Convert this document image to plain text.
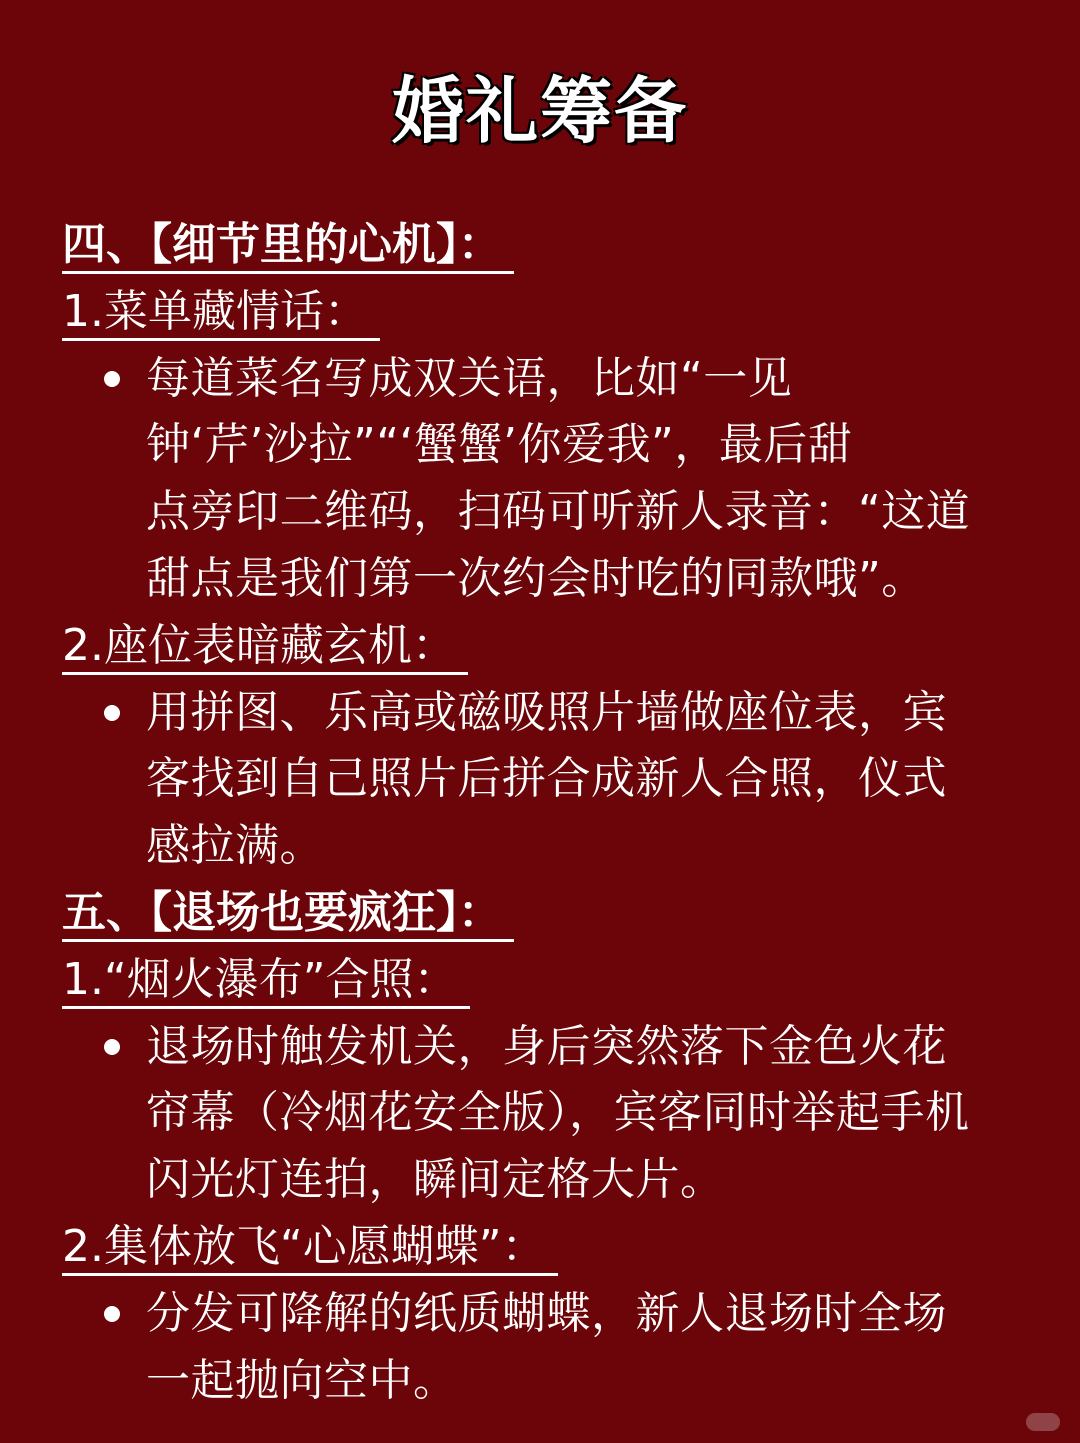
婚礼筹备
四、【细节里的心机】：
1.菜单藏情话：
每道菜名写成双关语，比如“一见
钟‘芹’沙拉”“‘蟹蟹’你爱我”，最后甜
点旁印二维码，扫码可听新人录音：“这道
甜点是我们第一次约会时吃的同款哦”。
2.座位表暗藏玄机：
用拼图、乐高或磁吸照片墙做座位表，宾
客找到自己照片后拼合成新人合照，仪式
感拉满。
五、【退场也要疯狂】：
1.“烟火瀑布”合照：
退场时触发机关，身后突然落下金色火花
帘幕（冷烟花安全版），宾客同时举起手机
闪光灯连拍，瞬间定格大片。
2.集体放飞“心愿蝴蝶”：
分发可降解的纸质蝴蝶，新人退场时全场
一起抛向空中。
